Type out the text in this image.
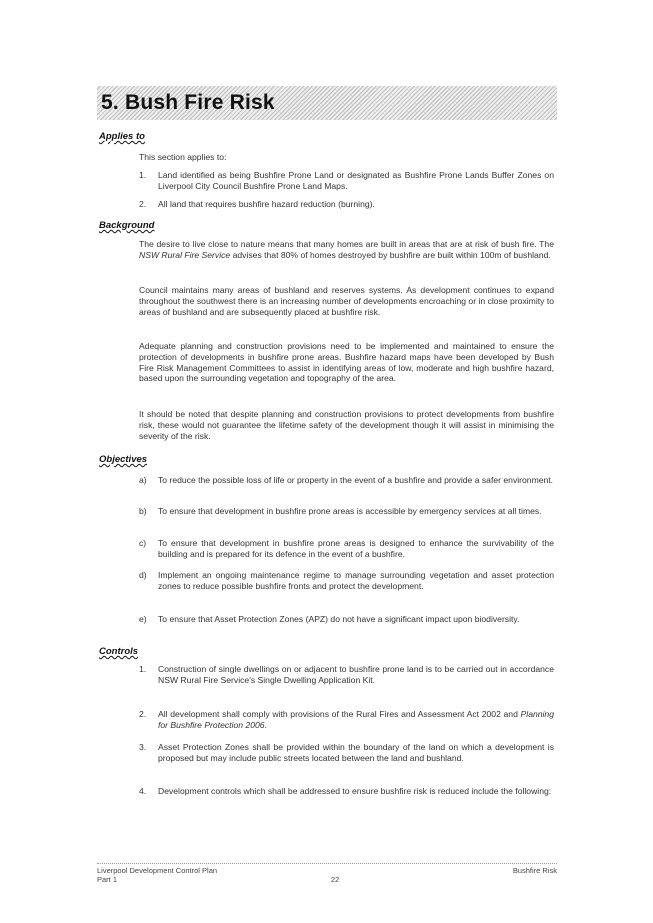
5. Bush Fire Risk
Applies to

This section applies to:

1.	Land identified as being Bushfire Prone Land or designated as Bushfire Prone Lands Buffer Zones on Liverpool City Council Bushfire Prone Land Maps.
2.	All land that requires bushfire hazard reduction (burning).
Background

The desire to live close to nature means that many homes are built in areas that are at risk of bush fire. The NSW Rural Fire Service advises that 80% of homes destroyed by bushfire are built within 100m of bushland.

Council maintains many areas of bushland and reserves systems. As development continues to expand throughout the southwest there is an increasing number of developments encroaching or in close proximity to areas of bushland and are subsequently placed at bushfire risk.

Adequate planning and construction provisions need to be implemented and maintained to ensure the protection of developments in bushfire prone areas. Bushfire hazard maps have been developed by Bush Fire Risk Management Committees to assist in identifying areas of low, moderate and high bushfire hazard, based upon the surrounding vegetation and topography of the area.

It should be noted that despite planning and construction provisions to protect developments from bushfire risk, these would not guarantee the lifetime safety of the development though it will assist in minimising the severity of the risk.

Objectives
a)	To reduce the possible loss of life or property in the event of a bushfire and provide a safer environment.
b)	To ensure that development in bushfire prone areas is accessible by emergency services at all times.
c)	To ensure that development in bushfire prone areas is designed to enhance the survivability of the building and is prepared for its defence in the event of a bushfire.
d)	Implement an ongoing maintenance regime to manage surrounding vegetation and asset protection zones to reduce possible bushfire fronts and protect the development.
e)	To ensure that Asset Protection Zones (APZ) do not have a significant impact upon biodiversity.
Controls
1.	Construction of single dwellings on or adjacent to bushfire prone land is to be carried out in accordance NSW Rural Fire Service's Single Dwelling Application Kit.
2.	All development shall comply with provisions of the Rural Fires and Assessment Act 2002 and Planning for Bushfire Protection 2006.
3.	Asset Protection Zones shall be provided within the boundary of the land on which a development is proposed but may include public streets located between the land and bushland.
4.	Development controls which shall be addressed to ensure bushfire risk is reduced include the following:
Liverpool Development Control Plan
Part 1	22
Bushfire Risk
